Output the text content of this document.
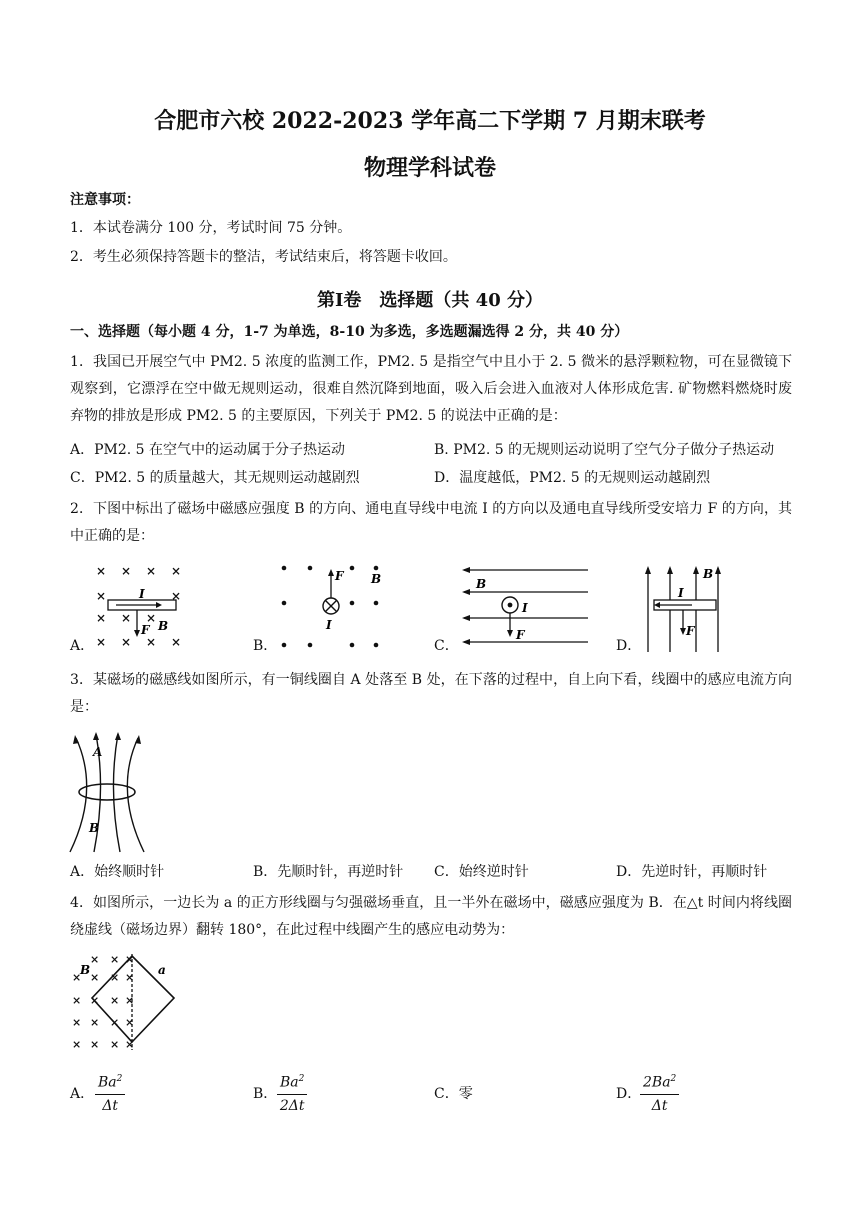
合肥市六校 2022-2023 学年高二下学期 7 月期末联考
物理学科试卷
注意事项：
1．本试卷满分 100 分，考试时间 75 分钟。
2．考生必须保持答题卡的整洁，考试结束后，将答题卡收回。
第Ⅰ卷　选择题（共 40 分）
一、选择题（每小题 4 分，1-7 为单选，8-10 为多选，多选题漏选得 2 分，共 40 分）
1．我国已开展空气中 PM2. 5 浓度的监测工作，PM2. 5 是指空气中且小于 2. 5 微米的悬浮颗粒物，可在显微镜下观察到，它漂浮在空中做无规则运动，很难自然沉降到地面，吸入后会进入血液对人体形成危害. 矿物燃料燃烧时废弃物的排放是形成 PM2. 5 的主要原因，下列关于 PM2. 5 的说法中正确的是：
A．PM2. 5 在空气中的运动属于分子热运动	B. PM2. 5 的无规则运动说明了空气分子做分子热运动
C．PM2. 5 的质量越大，其无规则运动越剧烈	D．温度越低，PM2. 5 的无规则运动越剧烈
2．下图中标出了磁场中磁感应强度 B 的方向、通电直导线中电流 I 的方向以及通电直导线所受安培力 F 的方向，其中正确的是：
A．	B．	C．	D．
× × × ×
×	×
× × ×
× × × ×
I
F B
F B
I
B
I
F
I
F
B
3．某磁场的磁感线如图所示，有一铜线圈自 A 处落至 B 处，在下落的过程中，自上向下看，线圈中的感应电流方向是：
A
B
A．始终顺时针	B．先顺时针，再逆时针 C．始终逆时针	D．先逆时针，再顺时针
4．如图所示，一边长为 a 的正方形线圈与匀强磁场垂直，且一半外在磁场中，磁感应强度为 B．在△t 时间内将线圈绕虚线（磁场边界）翻转 180°，在此过程中线圈产生的感应电动势为：
× × ×
× × × ×
× × × ×
× × × ×
× × × ×
B	a
A． $\frac{Ba^2}{\Delta t}$	B． $\frac{Ba^2}{2\Delta t}$	C．零	D．
$\frac{2Ba^2}{\Delta t}$
